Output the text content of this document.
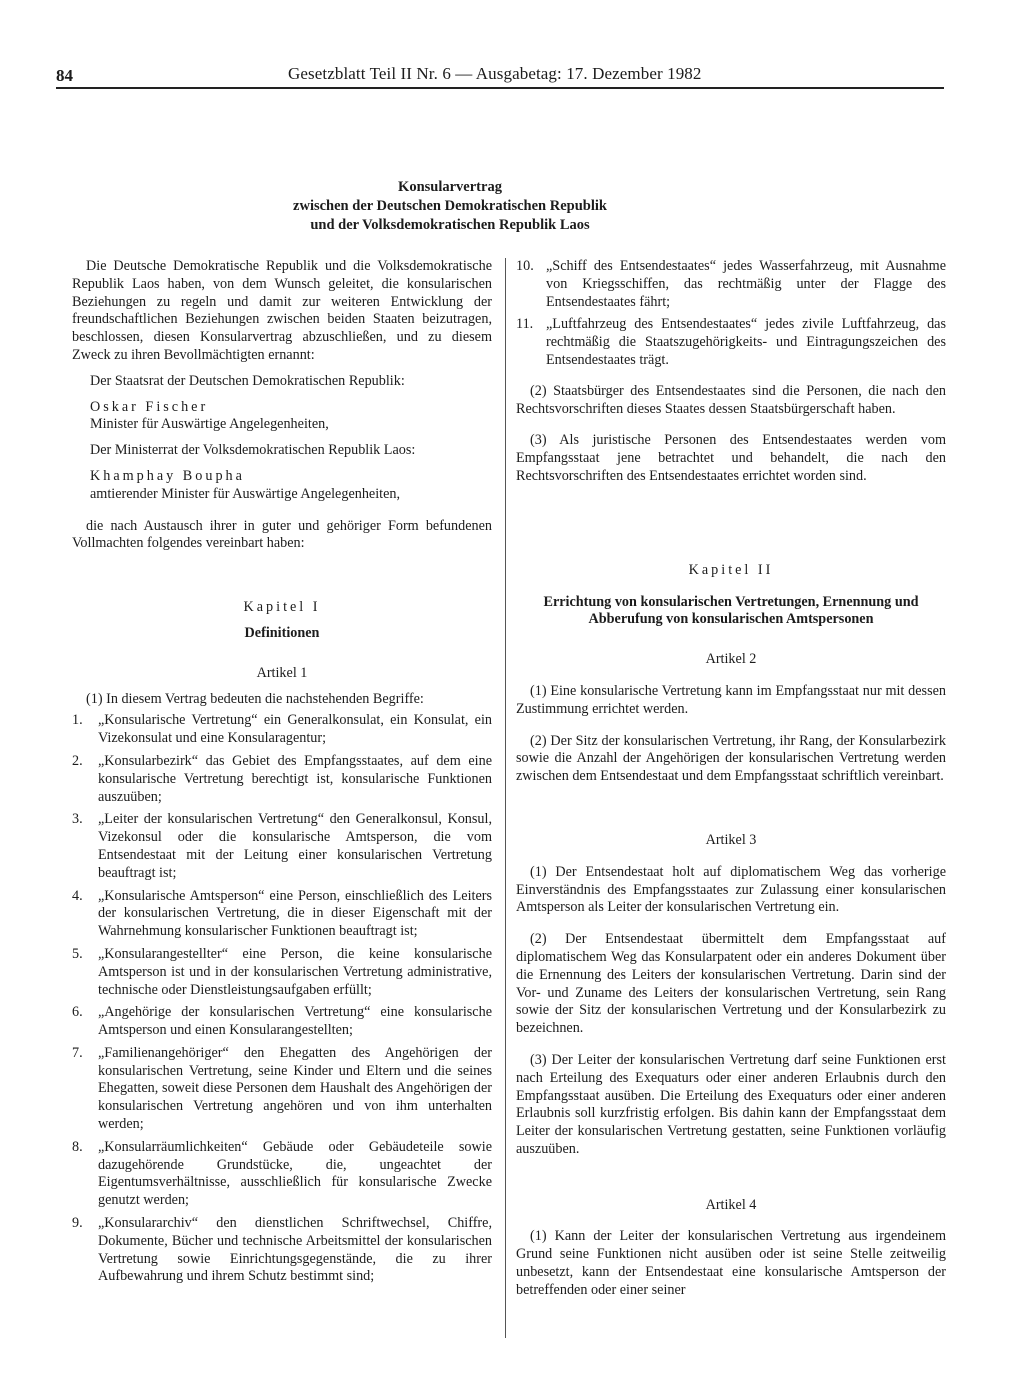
84	Gesetzblatt Teil II Nr. 6 — Ausgabetag: 17. Dezember 1982
Konsularvertrag
zwischen der Deutschen Demokratischen Republik
und der Volksdemokratischen Republik Laos

Die Deutsche Demokratische Republik und die Volksdemokratische Republik Laos haben, von dem Wunsch geleitet, die konsularischen Beziehungen zu regeln und damit zur weiteren Entwicklung der freundschaftlichen Beziehungen zwischen beiden Staaten beizutragen, beschlossen, diesen Konsularvertrag abzuschließen, und zu diesem Zweck zu ihren Bevollmächtigten ernannt:

Der Staatsrat der Deutschen Demokratischen Republik:

Oskar Fischer

Minister für Auswärtige Angelegenheiten,

Der Ministerrat der Volksdemokratischen Republik Laos:

Khamphay Boupha

amtierender Minister für Auswärtige Angelegenheiten,

die nach Austausch ihrer in guter und gehöriger Form befundenen Vollmachten folgendes vereinbart haben:

Kapitel I

Definitionen

Artikel 1

(1) In diesem Vertrag bedeuten die nachstehenden Begriffe:

1.	„Konsularische Vertretung“ ein Generalkonsulat, ein Konsulat, ein Vizekonsulat und eine Konsularagentur;
2.	„Konsularbezirk“ das Gebiet des Empfangsstaates, auf dem eine konsularische Vertretung berechtigt ist, konsularische Funktionen auszuüben;
3.	„Leiter der konsularischen Vertretung“ den Generalkonsul, Konsul, Vizekonsul oder die konsularische Amtsperson, die vom Entsendestaat mit der Leitung einer konsularischen Vertretung beauftragt ist;
4.	„Konsularische Amtsperson“ eine Person, einschließlich des Leiters der konsularischen Vertretung, die in dieser Eigenschaft mit der Wahrnehmung konsularischer Funktionen beauftragt ist;
5.	„Konsularangestellter“ eine Person, die keine konsularische Amtsperson ist und in der konsularischen Vertretung administrative, technische oder Dienstleistungsaufgaben erfüllt;
6.	„Angehörige der konsularischen Vertretung“ eine konsularische Amtsperson und einen Konsularangestellten;
7.	„Familienangehöriger“ den Ehegatten des Angehörigen der konsularischen Vertretung, seine Kinder und Eltern und die seines Ehegatten, soweit diese Personen dem Haushalt des Angehörigen der konsularischen Vertretung angehören und von ihm unterhalten werden;
8.	„Konsularräumlichkeiten“ Gebäude oder Gebäudeteile sowie dazugehörende Grundstücke, die, ungeachtet der Eigentumsverhältnisse, ausschließlich für konsularische Zwecke genutzt werden;
9.	„Konsulararchiv“ den dienstlichen Schriftwechsel, Chiffre, Dokumente, Bücher und technische Arbeitsmittel der konsularischen Vertretung sowie Einrichtungsgegenstände, die zu ihrer Aufbewahrung und ihrem Schutz bestimmt sind;
10. „Schiff des Entsendestaates“ jedes Wasserfahrzeug, mit Ausnahme von Kriegsschiffen, das rechtmäßig unter der Flagge des Entsendestaates fährt;
11. „Luftfahrzeug des Entsendestaates“ jedes zivile Luftfahrzeug, das rechtmäßig die Staatszugehörigkeits- und Eintragungszeichen des Entsendestaates trägt.

(2) Staatsbürger des Entsendestaates sind die Personen, die nach den Rechtsvorschriften dieses Staates dessen Staatsbürgerschaft haben.

(3) Als juristische Personen des Entsendestaates werden vom Empfangsstaat jene betrachtet und behandelt, die nach den Rechtsvorschriften des Entsendestaates errichtet worden sind.

Kapitel II

Errichtung von konsularischen Vertretungen, Ernennung und Abberufung von konsularischen Amtspersonen

Artikel 2

(1) Eine konsularische Vertretung kann im Empfangsstaat nur mit dessen Zustimmung errichtet werden.

(2) Der Sitz der konsularischen Vertretung, ihr Rang, der Konsularbezirk sowie die Anzahl der Angehörigen der konsularischen Vertretung werden zwischen dem Entsendestaat und dem Empfangsstaat schriftlich vereinbart.

Artikel 3

(1) Der Entsendestaat holt auf diplomatischem Weg das vorherige Einverständnis des Empfangsstaates zur Zulassung einer konsularischen Amtsperson als Leiter der konsularischen Vertretung ein.

(2) Der Entsendestaat übermittelt dem Empfangsstaat auf diplomatischem Weg das Konsularpatent oder ein anderes Dokument über die Ernennung des Leiters der konsularischen Vertretung. Darin sind der Vor- und Zuname des Leiters der konsularischen Vertretung, sein Rang sowie der Sitz der konsularischen Vertretung und der Konsularbezirk zu bezeichnen.

(3) Der Leiter der konsularischen Vertretung darf seine Funktionen erst nach Erteilung des Exequaturs oder einer anderen Erlaubnis durch den Empfangsstaat ausüben. Die Erteilung des Exequaturs oder einer anderen Erlaubnis soll kurzfristig erfolgen. Bis dahin kann der Empfangsstaat dem Leiter der konsularischen Vertretung gestatten, seine Funktionen vorläufig auszuüben.

Artikel 4

(1) Kann der Leiter der konsularischen Vertretung aus irgendeinem Grund seine Funktionen nicht ausüben oder ist seine Stelle zeitweilig unbesetzt, kann der Entsendestaat eine konsularische Amtsperson der betreffenden oder einer seiner
